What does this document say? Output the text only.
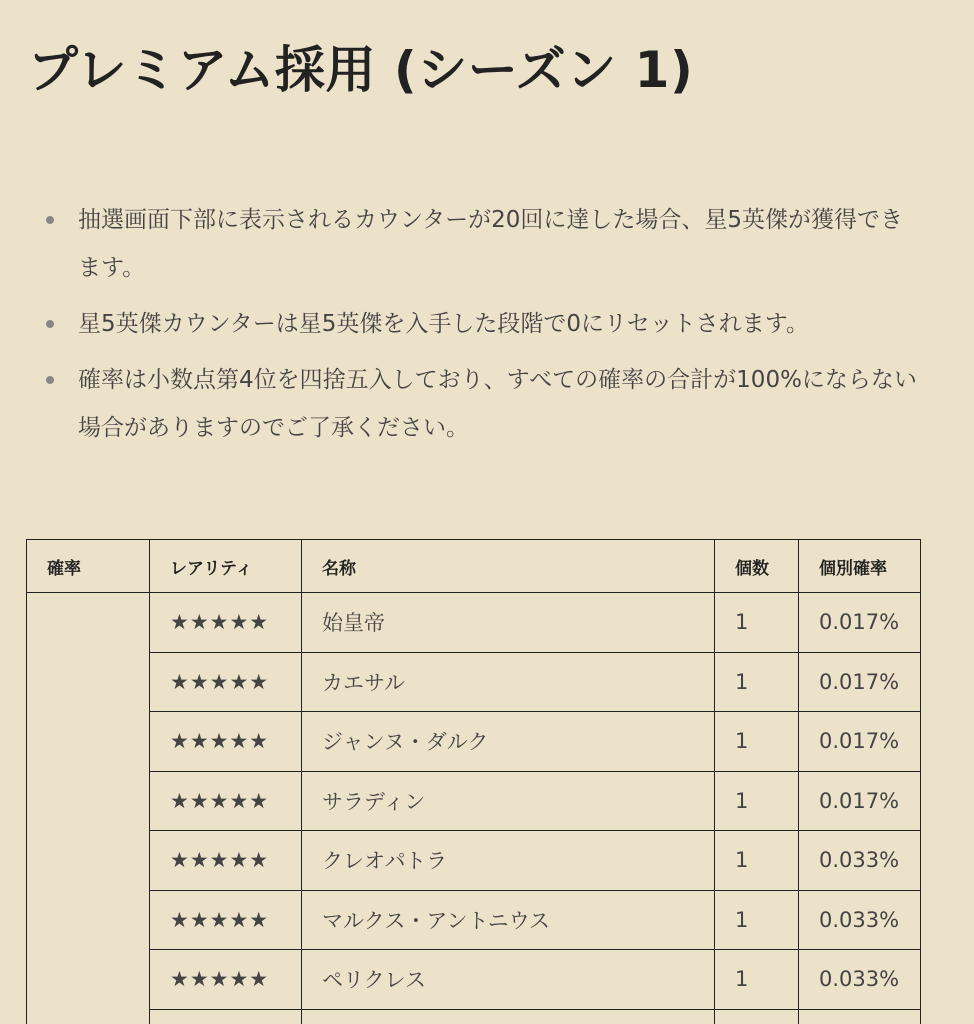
プレミアム採用 (シーズン 1)
抽選画面下部に表示されるカウンターが20回に達した場合、星5英傑が獲得できます。
星5英傑カウンターは星5英傑を入手した段階で0にリセットされます。
確率は小数点第4位を四捨五入しており、すべての確率の合計が100%にならない場合がありますのでご了承ください。
確率	レアリティ	名称	個数	個別確率
	★★★★★	始皇帝	1	0.017%
	★★★★★	カエサル	1	0.017%
	★★★★★	ジャンヌ・ダルク	1	0.017%
	★★★★★	サラディン	1	0.017%
	★★★★★	クレオパトラ	1	0.033%
	★★★★★	マルクス・アントニウス	1	0.033%
	★★★★★	ペリクレス	1	0.033%
